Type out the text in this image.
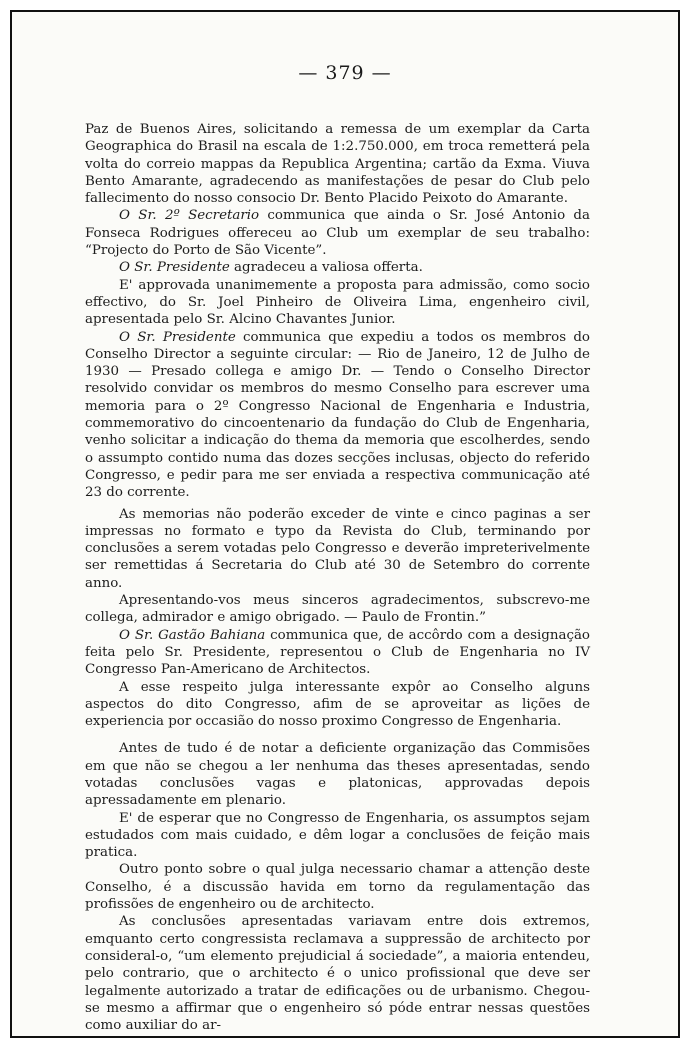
— 379 —

Paz de Buenos Aires, solicitando a remessa de um exemplar da Carta Geographica do Brasil na escala de 1:2.750.000, em troca remetterá pela volta do correio mappas da Republica Argentina; cartão da Exma. Viuva Bento Amarante, agradecendo as manifestações de pesar do Club pelo fallecimento do nosso consocio Dr. Bento Placido Peixoto do Amarante.

O Sr. 2º Secretario communica que ainda o Sr. José Antonio da Fonseca Rodrigues offereceu ao Club um exemplar de seu trabalho: “Projecto do Porto de São Vicente”.

O Sr. Presidente agradeceu a valiosa offerta.

E' approvada unanimemente a proposta para admissão, como socio effectivo, do Sr. Joel Pinheiro de Oliveira Lima, engenheiro civil, apresentada pelo Sr. Alcino Chavantes Junior.

O Sr. Presidente communica que expediu a todos os membros do Conselho Director a seguinte circular: — Rio de Janeiro, 12 de Julho de 1930 — Presado collega e amigo Dr. — Tendo o Conselho Director resolvido convidar os membros do mesmo Conselho para escrever uma memoria para o 2º Congresso Nacional de Engenharia e Industria, commemorativo do cincoentenario da fundação do Club de Engenharia, venho solicitar a indicação do thema da memoria que escolherdes, sendo o assumpto contido numa das dozes secções inclusas, objecto do referido Congresso, e pedir para me ser enviada a respectiva communicação até 23 do corrente.

As memorias não poderão exceder de vinte e cinco paginas a ser impressas no formato e typo da Revista do Club, terminando por conclusões a serem votadas pelo Congresso e deverão impreterivelmente ser remettidas á Secretaria do Club até 30 de Setembro do corrente anno.

Apresentando-vos meus sinceros agradecimentos, subscrevo-me collega, admirador e amigo obrigado. — Paulo de Frontin.”

O Sr. Gastão Bahiana communica que, de accôrdo com a designação feita pelo Sr. Presidente, representou o Club de Engenharia no IV Congresso Pan-Americano de Architectos.

A esse respeito julga interessante expôr ao Conselho alguns aspectos do dito Congresso, afim de se aproveitar as lições de experiencia por occasião do nosso proximo Congresso de Engenharia.

Antes de tudo é de notar a deficiente organização das Commisões em que não se chegou a ler nenhuma das theses apresentadas, sendo votadas conclusões vagas e platonicas, approvadas depois apressadamente em plenario.

E' de esperar que no Congresso de Engenharia, os assumptos sejam estudados com mais cuidado, e dêm logar a conclusões de feição mais pratica.

Outro ponto sobre o qual julga necessario chamar a attenção deste Conselho, é a discussão havida em torno da regulamentação das profissões de engenheiro ou de architecto.

As conclusões apresentadas variavam entre dois extremos, emquanto certo congressista reclamava a suppressão de architecto por consideral-o, “um elemento prejudicial á sociedade”, a maioria entendeu, pelo contrario, que o architecto é o unico profissional que deve ser legalmente autorizado a tratar de edificações ou de urbanismo. Chegou-se mesmo a affirmar que o engenheiro só póde entrar nessas questões como auxiliar do ar-
